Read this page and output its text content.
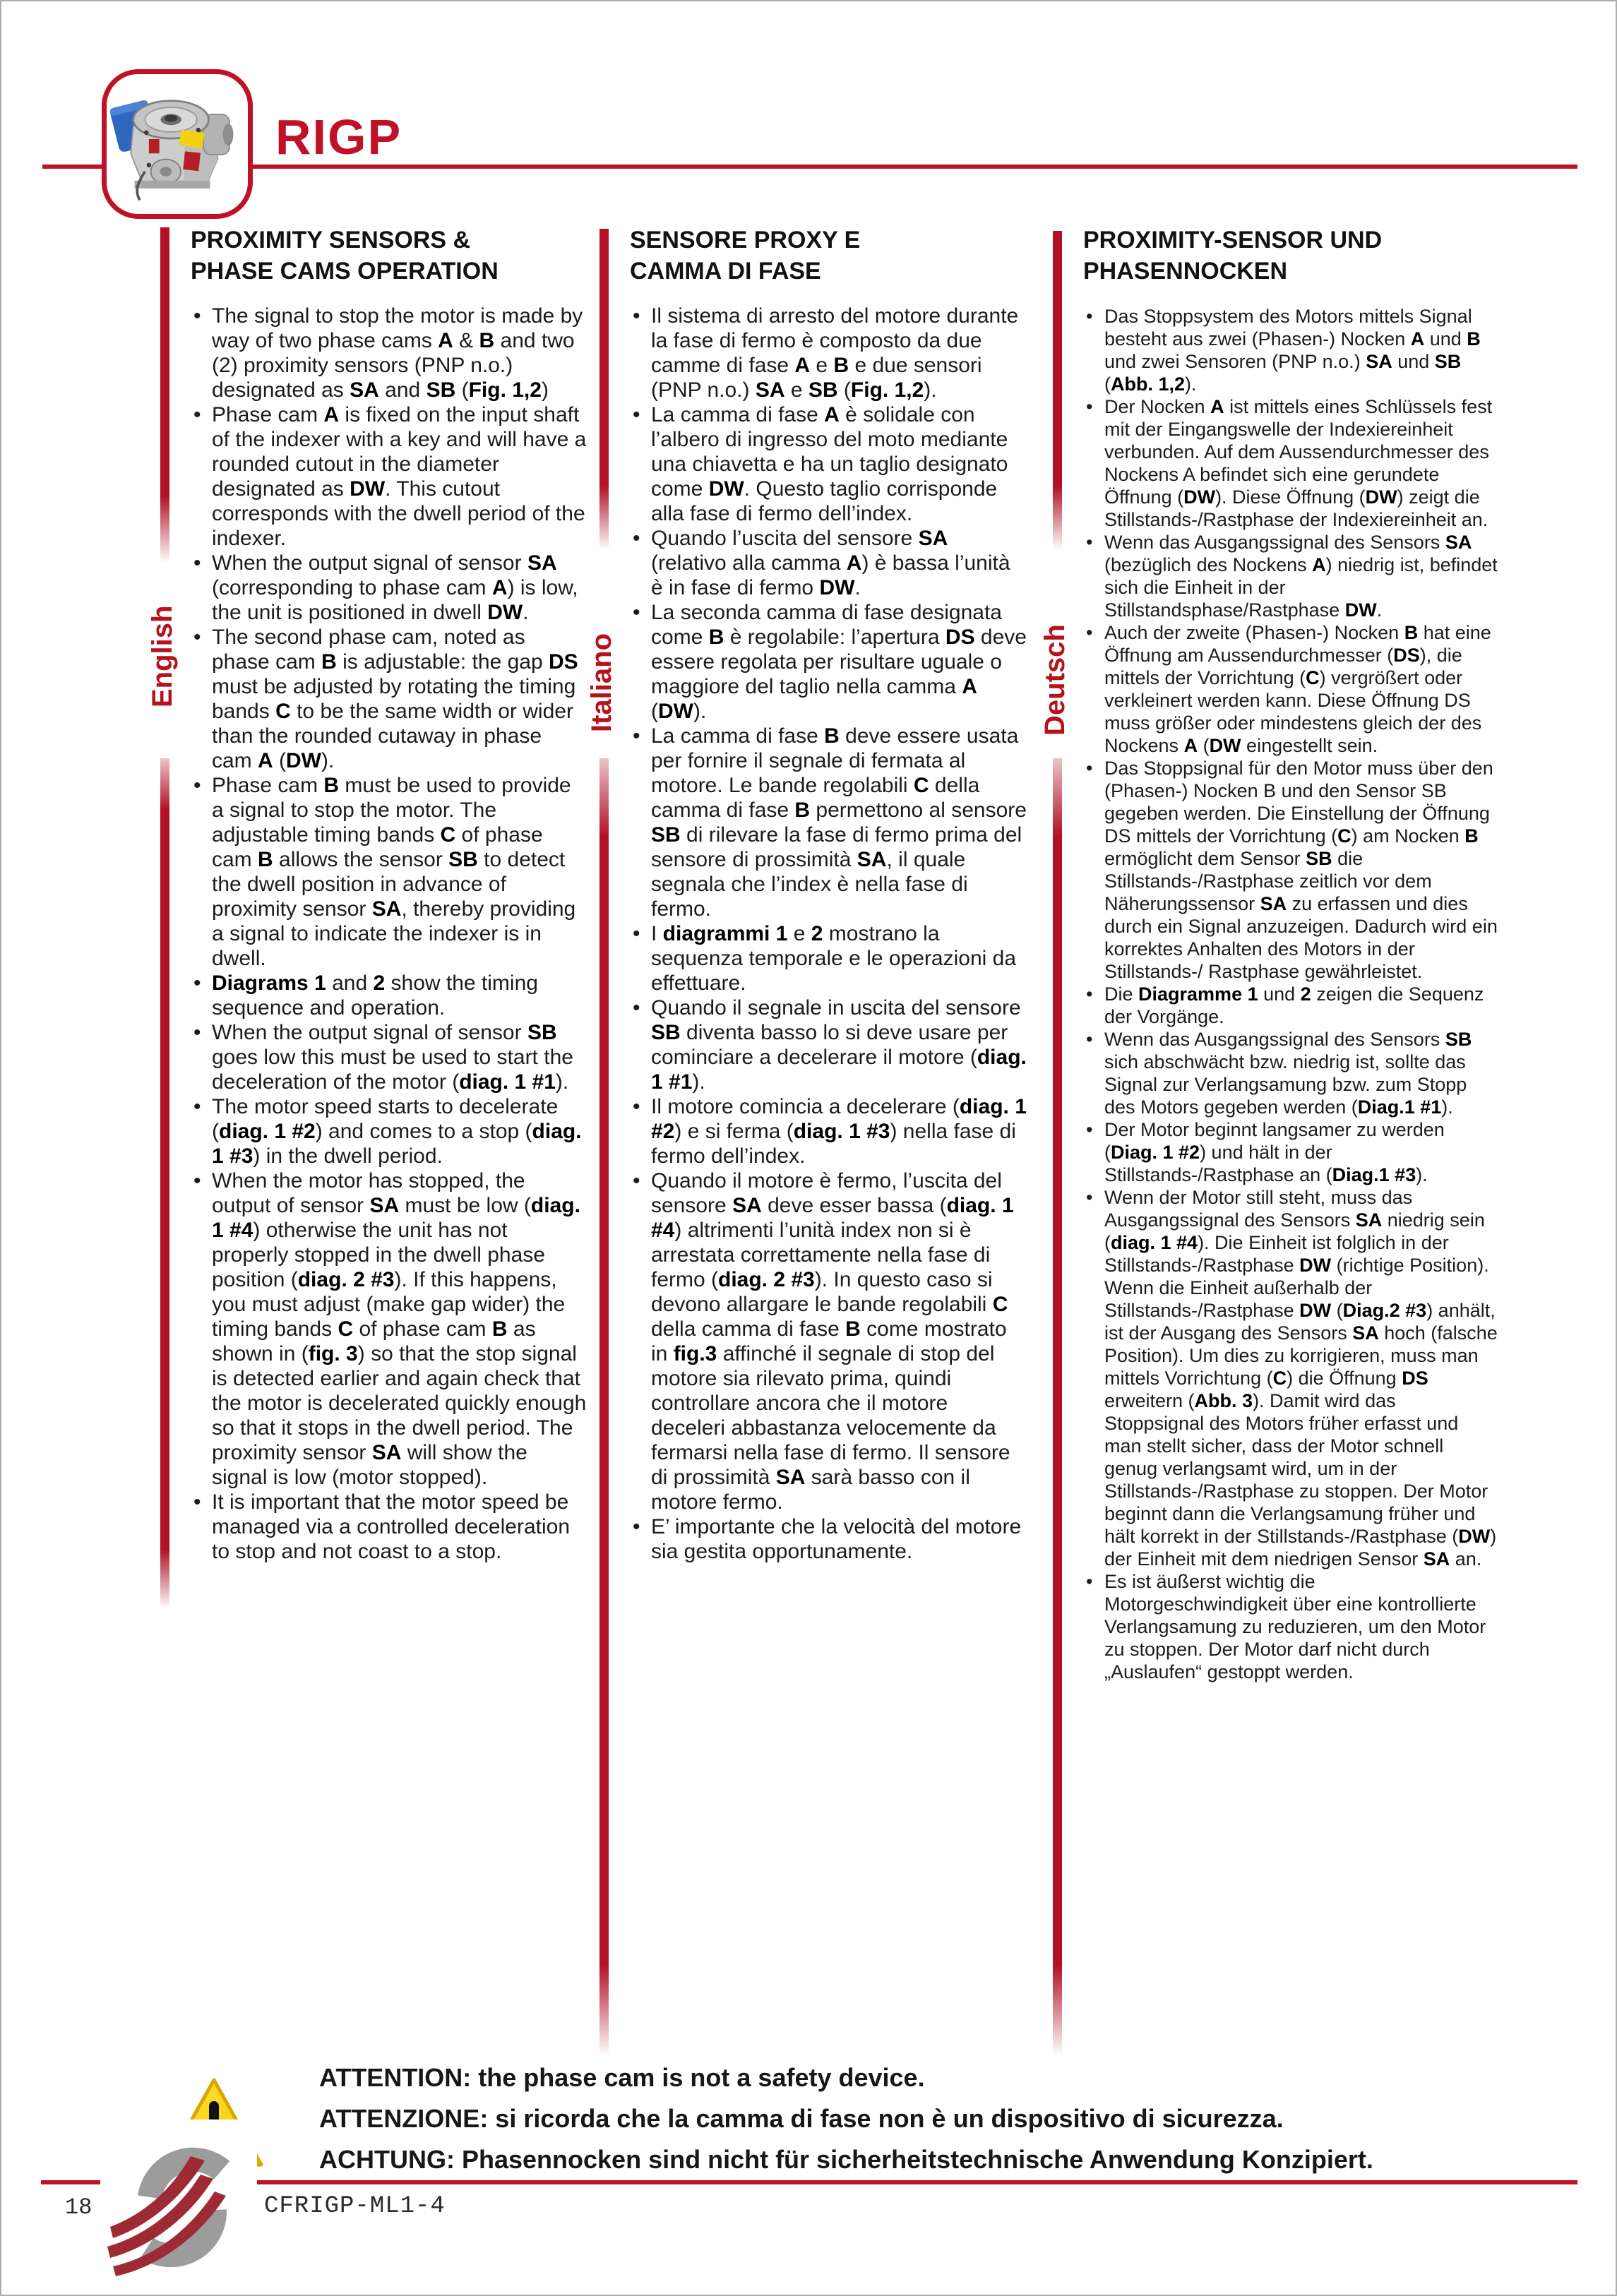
RIGP
English
PROXIMITY SENSORS &
PHASE CAMS OPERATION
• The signal to stop the motor is made by way of two phase cams A & B and two (2) proximity sensors (PNP n.o.) designated as SA and SB (Fig. 1,2)
• Phase cam A is fixed on the input shaft of the indexer with a key and will have a rounded cutout in the diameter designated as DW. This cutout corresponds with the dwell period of the indexer.
• When the output signal of sensor SA (corresponding to phase cam A) is low, the unit is positioned in dwell DW.
• The second phase cam, noted as phase cam B is adjustable: the gap DS must be adjusted by rotating the timing bands C to be the same width or wider than the rounded cutaway in phase cam A (DW).
• Phase cam B must be used to provide a signal to stop the motor. The adjustable timing bands C of phase cam B allows the sensor SB to detect the dwell position in advance of proximity sensor SA, thereby providing a signal to indicate the indexer is in dwell.
• Diagrams 1 and 2 show the timing sequence and operation.
• When the output signal of sensor SB goes low this must be used to start the deceleration of the motor (diag. 1 #1).
• The motor speed starts to decelerate (diag. 1 #2) and comes to a stop (diag. 1 #3) in the dwell period.
• When the motor has stopped, the output of sensor SA must be low (diag. 1 #4) otherwise the unit has not properly stopped in the dwell phase position (diag. 2 #3). If this happens, you must adjust (make gap wider) the timing bands C of phase cam B as shown in (fig. 3) so that the stop signal is detected earlier and again check that the motor is decelerated quickly enough so that it stops in the dwell period. The proximity sensor SA will show the signal is low (motor stopped).
• It is important that the motor speed be managed via a controlled deceleration to stop and not coast to a stop.
Italiano
SENSORE PROXY E
CAMMA DI FASE
• Il sistema di arresto del motore durante la fase di fermo è composto da due camme di fase A e B e due sensori (PNP n.o.) SA e SB (Fig. 1,2).
• La camma di fase A è solidale con l’albero di ingresso del moto mediante una chiavetta e ha un taglio designato come DW. Questo taglio corrisponde alla fase di fermo dell’index.
• Quando l’uscita del sensore SA (relativo alla camma A) è bassa l’unità è in fase di fermo DW.
• La seconda camma di fase designata come B è regolabile: l’apertura DS deve essere regolata per risultare uguale o maggiore del taglio nella camma A (DW).
• La camma di fase B deve essere usata per fornire il segnale di fermata al motore. Le bande regolabili C della camma di fase B permettono al sensore SB di rilevare la fase di fermo prima del sensore di prossimità SA, il quale segnala che l’index è nella fase di fermo.
• I diagrammi 1 e 2 mostrano la sequenza temporale e le operazioni da effettuare.
• Quando il segnale in uscita del sensore SB diventa basso lo si deve usare per cominciare a decelerare il motore (diag. 1 #1).
• Il motore comincia a decelerare (diag. 1 #2) e si ferma (diag. 1 #3) nella fase di fermo dell’index.
• Quando il motore è fermo, l’uscita del sensore SA deve esser bassa (diag. 1 #4) altrimenti l’unità index non si è arrestata correttamente nella fase di fermo (diag. 2 #3). In questo caso si devono allargare le bande regolabili C della camma di fase B come mostrato in fig.3 affinché il segnale di stop del motore sia rilevato prima, quindi controllare ancora che il motore deceleri abbastanza velocemente da fermarsi nella fase di fermo. Il sensore di prossimità SA sarà basso con il motore fermo.
• E’ importante che la velocità del motore sia gestita opportunamente.
Deutsch
PROXIMITY-SENSOR UND
PHASENNOCKEN
• Das Stoppsystem des Motors mittels Signal besteht aus zwei (Phasen-) Nocken A und B und zwei Sensoren (PNP n.o.) SA und SB (Abb. 1,2).
• Der Nocken A ist mittels eines Schlüssels fest mit der Eingangswelle der Indexiereinheit verbunden. Auf dem Aussendurchmesser des Nockens A befindet sich eine gerundete Öffnung (DW). Diese Öffnung (DW) zeigt die Stillstands-/Rastphase der Indexiereinheit an.
• Wenn das Ausgangssignal des Sensors SA (bezüglich des Nockens A) niedrig ist, befindet sich die Einheit in der Stillstandsphase/Rastphase DW.
• Auch der zweite (Phasen-) Nocken B hat eine Öffnung am Aussendurchmesser (DS), die mittels der Vorrichtung (C) vergrößert oder verkleinert werden kann. Diese Öffnung DS muss größer oder mindestens gleich der des Nockens A (DW eingestellt sein.
• Das Stoppsignal für den Motor muss über den (Phasen-) Nocken B und den Sensor SB gegeben werden. Die Einstellung der Öffnung DS mittels der Vorrichtung (C) am Nocken B ermöglicht dem Sensor SB die Stillstands-/Rastphase zeitlich vor dem Näherungssensor SA zu erfassen und dies durch ein Signal anzuzeigen. Dadurch wird ein korrektes Anhalten des Motors in der Stillstands-/ Rastphase gewährleistet.
• Die Diagramme 1 und 2 zeigen die Sequenz der Vorgänge.
• Wenn das Ausgangssignal des Sensors SB sich abschwächt bzw. niedrig ist, sollte das Signal zur Verlangsamung bzw. zum Stopp des Motors gegeben werden (Diag.1 #1).
• Der Motor beginnt langsamer zu werden (Diag. 1 #2) und hält in der Stillstands-/Rastphase an (Diag.1 #3).
• Wenn der Motor still steht, muss das Ausgangssignal des Sensors SA niedrig sein (diag. 1 #4). Die Einheit ist folglich in der Stillstands-/Rastphase DW (richtige Position). Wenn die Einheit außerhalb der Stillstands-/Rastphase DW (Diag.2 #3) anhält, ist der Ausgang des Sensors SA hoch (falsche Position). Um dies zu korrigieren, muss man mittels Vorrichtung (C) die Öffnung DS erweitern (Abb. 3). Damit wird das Stoppsignal des Motors früher erfasst und man stellt sicher, dass der Motor schnell genug verlangsamt wird, um in der Stillstands-/Rastphase zu stoppen. Der Motor beginnt dann die Verlangsamung früher und hält korrekt in der Stillstands-/Rastphase (DW) der Einheit mit dem niedrigen Sensor SA an.
• Es ist äußerst wichtig die Motorgeschwindigkeit über eine kontrollierte Verlangsamung zu reduzieren, um den Motor zu stoppen. Der Motor darf nicht durch „Auslaufen“ gestoppt werden.
ATTENTION: the phase cam is not a safety device.
ATTENZIONE: si ricorda che la camma di fase non è un dispositivo di sicurezza.
ACHTUNG: Phasennocken sind nicht für sicherheitstechnische Anwendung Konzipiert.
18	CFRIGP-ML1-4
